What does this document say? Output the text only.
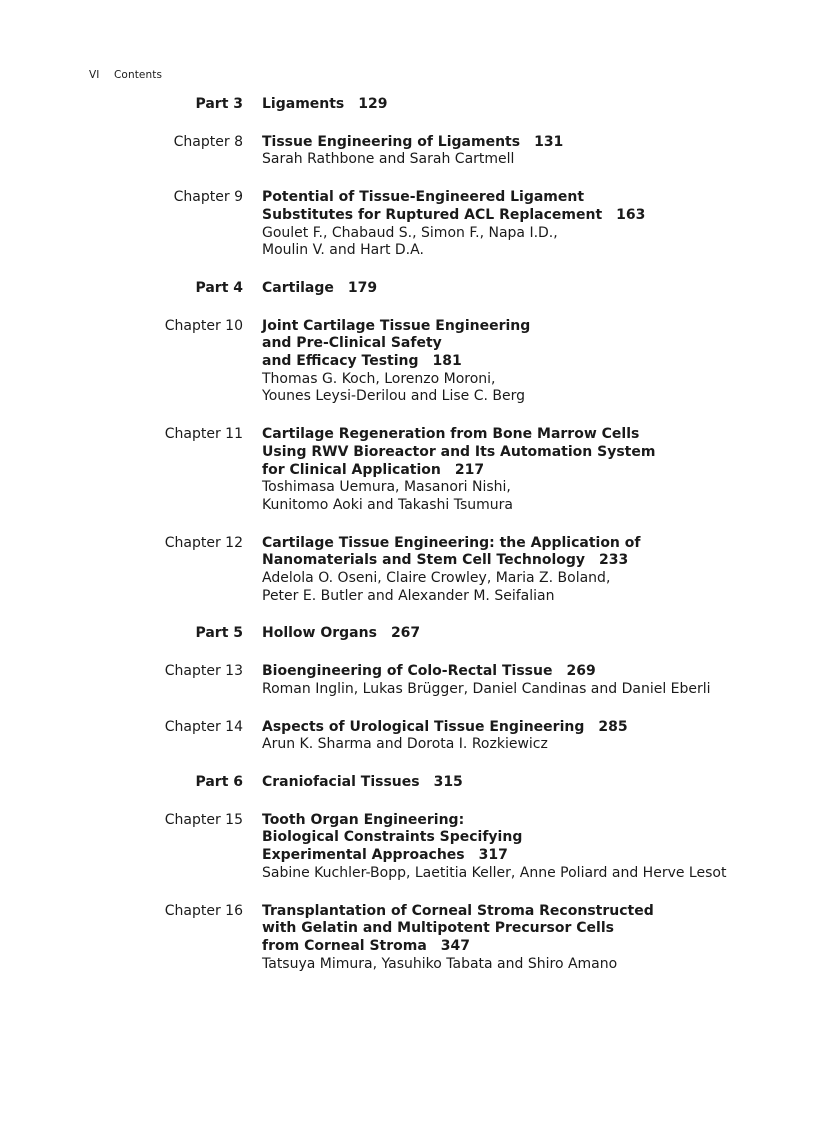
VI Contents
Part 3 Ligaments 129
Chapter 8 Tissue Engineering of Ligaments 131
Sarah Rathbone and Sarah Cartmell
Chapter 9 Potential of Tissue-Engineered Ligament
Substitutes for Ruptured ACL Replacement 163
Goulet F., Chabaud S., Simon F., Napa I.D.,
Moulin V. and Hart D.A.
Part 4 Cartilage 179
Chapter 10 Joint Cartilage Tissue Engineering
and Pre-Clinical Safety
and Efficacy Testing 181
Thomas G. Koch, Lorenzo Moroni,
Younes Leysi-Derilou and Lise C. Berg
Chapter 11 Cartilage Regeneration from Bone Marrow Cells
Using RWV Bioreactor and Its Automation System
for Clinical Application 217
Toshimasa Uemura, Masanori Nishi,
Kunitomo Aoki and Takashi Tsumura
Chapter 12 Cartilage Tissue Engineering: the Application of
Nanomaterials and Stem Cell Technology 233
Adelola O. Oseni, Claire Crowley, Maria Z. Boland,
Peter E. Butler and Alexander M. Seifalian
Part 5 Hollow Organs 267
Chapter 13 Bioengineering of Colo-Rectal Tissue 269
Roman Inglin, Lukas Brügger, Daniel Candinas and Daniel Eberli
Chapter 14 Aspects of Urological Tissue Engineering 285
Arun K. Sharma and Dorota I. Rozkiewicz
Part 6 Craniofacial Tissues 315
Chapter 15 Tooth Organ Engineering:
Biological Constraints Specifying
Experimental Approaches 317
Sabine Kuchler-Bopp, Laetitia Keller, Anne Poliard and Herve Lesot
Chapter 16 Transplantation of Corneal Stroma Reconstructed
with Gelatin and Multipotent Precursor Cells
from Corneal Stroma 347
Tatsuya Mimura, Yasuhiko Tabata and Shiro Amano
